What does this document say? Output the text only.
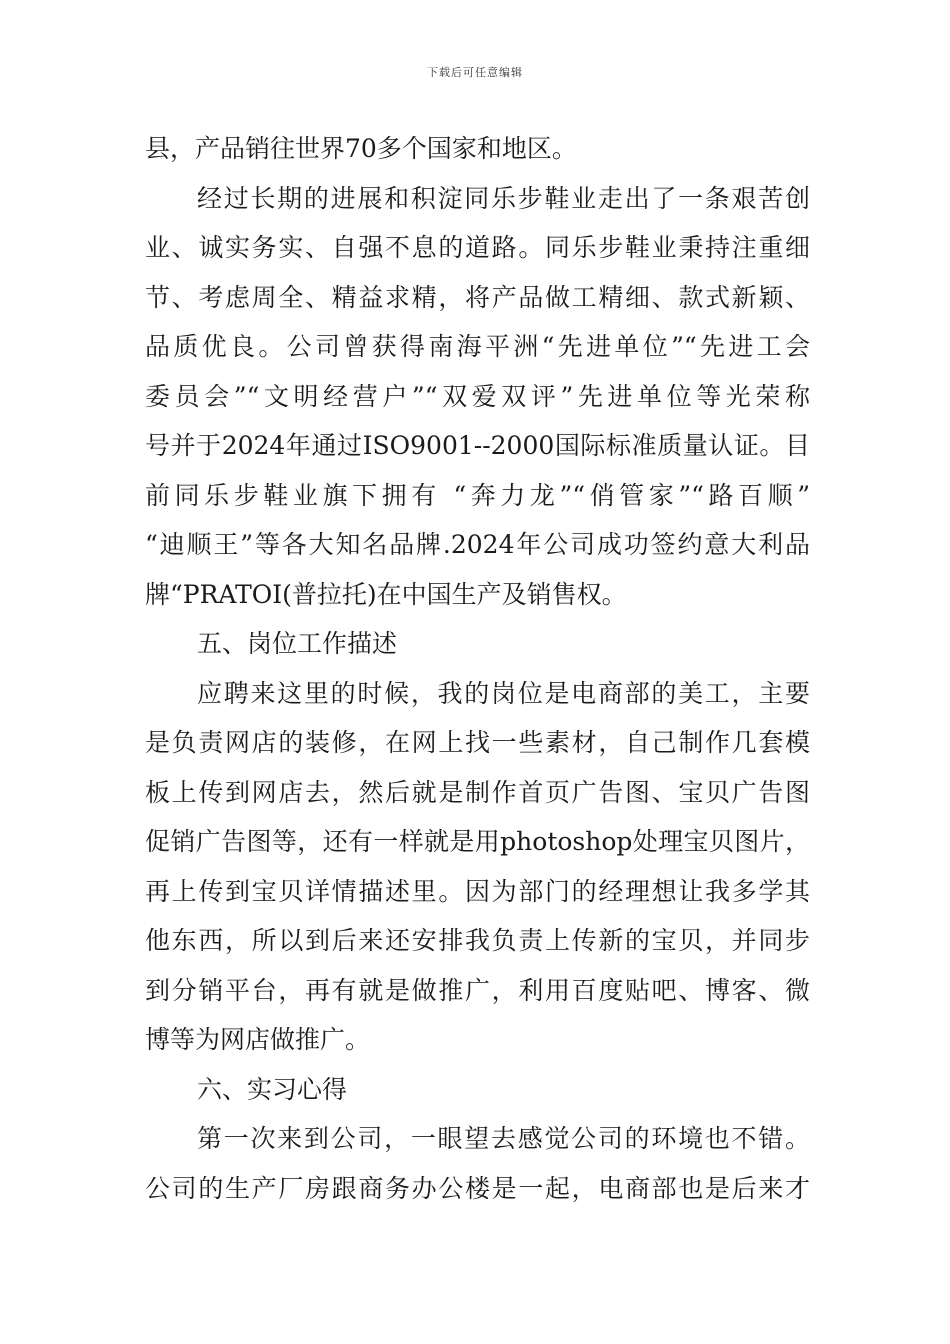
下载后可任意编辑
县，产品销往世界70多个国家和地区。
经过长期的进展和积淀同乐步鞋业走出了一条艰苦创
业、诚实务实、自强不息的道路。同乐步鞋业秉持注重细
节、考虑周全、精益求精，将产品做工精细、款式新颖、
品质优良。公司曾获得南海平洲“先进单位”“先进工会
委员会”“文明经营户”“双爱双评”先进单位等光荣称
号并于2024年通过ISO9001--2000国际标准质量认证。目
前同乐步鞋业旗下拥有 “奔力龙”“俏管家”“路百顺”
“迪顺王”等各大知名品牌.2024年公司成功签约意大利品
牌“PRATOI(普拉托)在中国生产及销售权。
五、岗位工作描述
应聘来这里的时候，我的岗位是电商部的美工，主要
是负责网店的装修，在网上找一些素材，自己制作几套模
板上传到网店去，然后就是制作首页广告图、宝贝广告图
促销广告图等，还有一样就是用photoshop处理宝贝图片，
再上传到宝贝详情描述里。因为部门的经理想让我多学其
他东西，所以到后来还安排我负责上传新的宝贝，并同步
到分销平台，再有就是做推广，利用百度贴吧、博客、微
博等为网店做推广。
六、实习心得
第一次来到公司，一眼望去感觉公司的环境也不错。
公司的生产厂房跟商务办公楼是一起，电商部也是后来才
